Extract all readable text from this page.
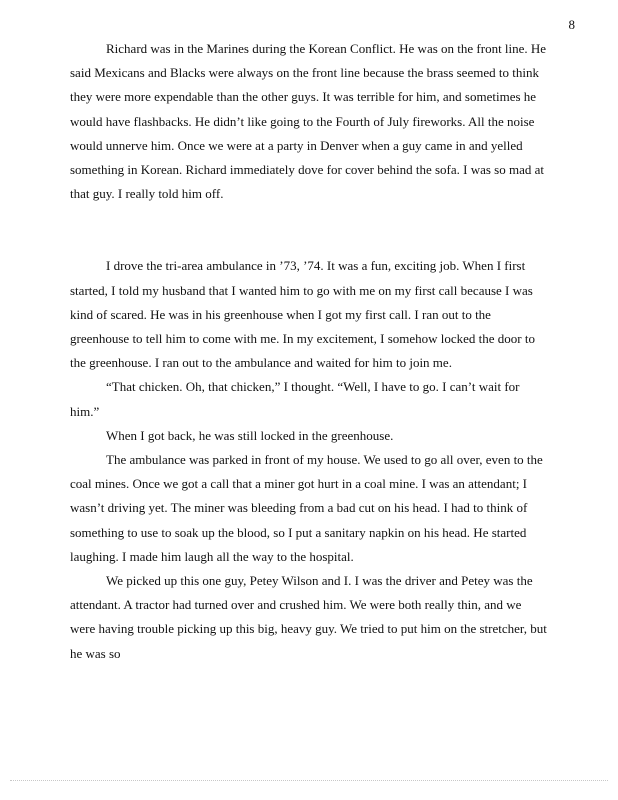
8

Richard was in the Marines during the Korean Conflict. He was on the front line. He said Mexicans and Blacks were always on the front line because the brass seemed to think they were more expendable than the other guys. It was terrible for him, and sometimes he would have flashbacks. He didn’t like going to the Fourth of July fireworks. All the noise would unnerve him. Once we were at a party in Denver when a guy came in and yelled something in Korean. Richard immediately dove for cover behind the sofa. I was so mad at that guy. I really told him off.

I drove the tri-area ambulance in ’73, ’74. It was a fun, exciting job. When I first started, I told my husband that I wanted him to go with me on my first call because I was kind of scared. He was in his greenhouse when I got my first call. I ran out to the greenhouse to tell him to come with me. In my excitement, I somehow locked the door to the greenhouse. I ran out to the ambulance and waited for him to join me.

“That chicken. Oh, that chicken,” I thought. “Well, I have to go. I can’t wait for him.”

When I got back, he was still locked in the greenhouse.

The ambulance was parked in front of my house. We used to go all over, even to the coal mines. Once we got a call that a miner got hurt in a coal mine. I was an attendant; I wasn’t driving yet. The miner was bleeding from a bad cut on his head. I had to think of something to use to soak up the blood, so I put a sanitary napkin on his head. He started laughing. I made him laugh all the way to the hospital.

We picked up this one guy, Petey Wilson and I. I was the driver and Petey was the attendant. A tractor had turned over and crushed him. We were both really thin, and we were having trouble picking up this big, heavy guy. We tried to put him on the stretcher, but he was so
